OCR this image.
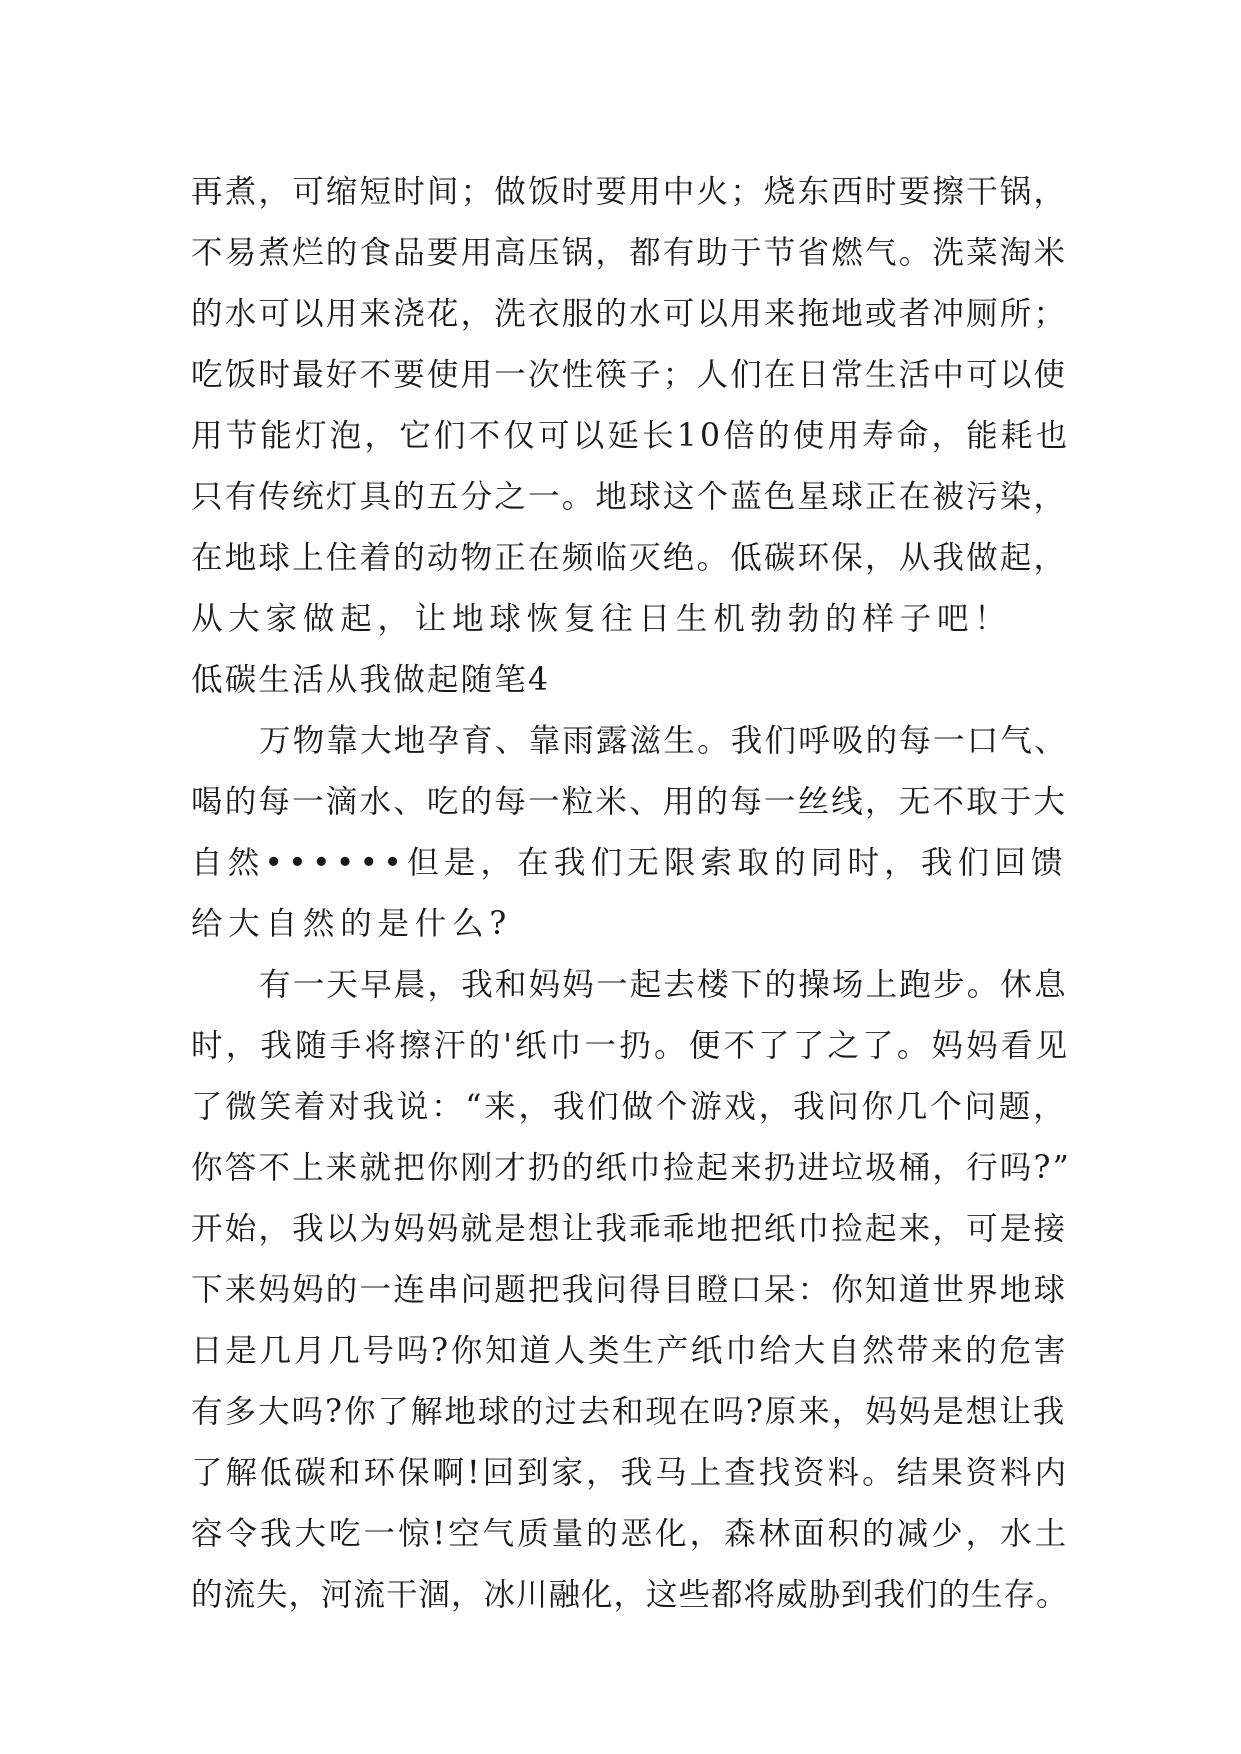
再煮，可缩短时间；做饭时要用中火；烧东西时要擦干锅，
不易煮烂的食品要用高压锅，都有助于节省燃气。洗菜淘米
的水可以用来浇花，洗衣服的水可以用来拖地或者冲厕所；
吃饭时最好不要使用一次性筷子；人们在日常生活中可以使
用节能灯泡，它们不仅可以延长10倍的使用寿命，能耗也
只有传统灯具的五分之一。地球这个蓝色星球正在被污染，
在地球上住着的动物正在频临灭绝。低碳环保，从我做起，
从大家做起，让地球恢复往日生机勃勃的样子吧！
低碳生活从我做起随笔4
万物靠大地孕育、靠雨露滋生。我们呼吸的每一口气、
喝的每一滴水、吃的每一粒米、用的每一丝线，无不取于大
自然••••••但是，在我们无限索取的同时，我们回馈
给大自然的是什么?
有一天早晨，我和妈妈一起去楼下的操场上跑步。休息
时，我随手将擦汗的'纸巾一扔。便不了了之了。妈妈看见
了微笑着对我说：“来，我们做个游戏，我问你几个问题，
你答不上来就把你刚才扔的纸巾捡起来扔进垃圾桶，行吗?”
开始，我以为妈妈就是想让我乖乖地把纸巾捡起来，可是接
下来妈妈的一连串问题把我问得目瞪口呆：你知道世界地球
日是几月几号吗?你知道人类生产纸巾给大自然带来的危害
有多大吗?你了解地球的过去和现在吗?原来，妈妈是想让我
了解低碳和环保啊!回到家，我马上查找资料。结果资料内
容令我大吃一惊!空气质量的恶化，森林面积的减少，水土
的流失，河流干涸，冰川融化，这些都将威胁到我们的生存。
